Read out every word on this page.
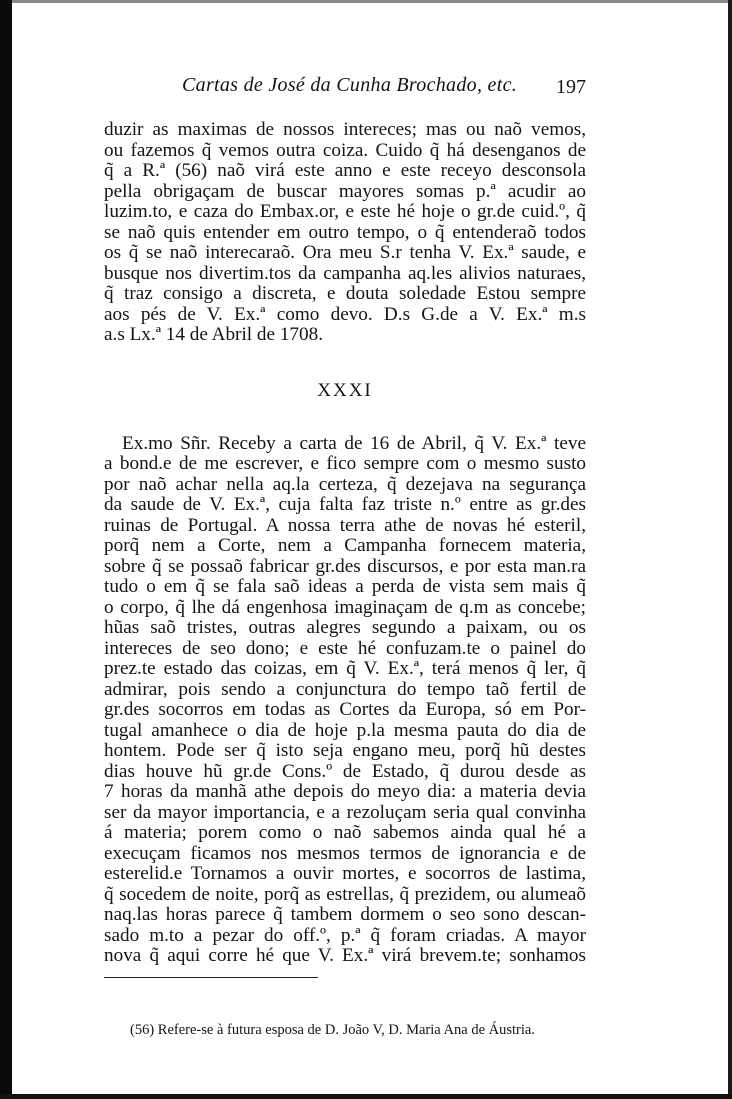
Cartas de José da Cunha Brochado, etc. 197
duzir as maximas de nossos intereces; mas ou naõ vemos,
ou fazemos q̃ vemos outra coiza. Cuido q̃ há desenganos de
q̃ a R.ª (56) naõ virá este anno e este receyo desconsola
pella obrigaçam de buscar mayores somas p.ª acudir ao
luzim.to, e caza do Embax.or, e este hé hoje o gr.de cuid.º, q̃
se naõ quis entender em outro tempo, o q̃ entenderaõ todos
os q̃ se naõ interecaraõ. Ora meu S.r tenha V. Ex.ª saude, e
busque nos divertim.tos da campanha aq.les alivios naturaes,
q̃ traz consigo a discreta, e douta soledade Estou sempre
aos pés de V. Ex.ª como devo. D.s G.de a V. Ex.ª m.s
a.s Lx.ª 14 de Abril de 1708.
XXXI
Ex.mo Sñr. Receby a carta de 16 de Abril, q̃ V. Ex.ª teve
a bond.e de me escrever, e fico sempre com o mesmo susto
por naõ achar nella aq.la certeza, q̃ dezejava na segurança
da saude de V. Ex.ª, cuja falta faz triste n.º entre as gr.des
ruinas de Portugal. A nossa terra athe de novas hé esteril,
porq̃ nem a Corte, nem a Campanha fornecem materia,
sobre q̃ se possaõ fabricar gr.des discursos, e por esta man.ra
tudo o em q̃ se fala saõ ideas a perda de vista sem mais q̃
o corpo, q̃ lhe dá engenhosa imaginaçam de q.m as concebe;
hũas saõ tristes, outras alegres segundo a paixam, ou os
intereces de seo dono; e este hé confuzam.te o painel do
prez.te estado das coizas, em q̃ V. Ex.ª, terá menos q̃ ler, q̃
admirar, pois sendo a conjunctura do tempo taõ fertil de
gr.des socorros em todas as Cortes da Europa, só em Por-
tugal amanhece o dia de hoje p.la mesma pauta do dia de
hontem. Pode ser q̃ isto seja engano meu, porq̃ hũ destes
dias houve hũ gr.de Cons.º de Estado, q̃ durou desde as
7 horas da manhã athe depois do meyo dia: a materia devia
ser da mayor importancia, e a rezoluçam seria qual convinha
á materia; porem como o naõ sabemos ainda qual hé a
execuçam ficamos nos mesmos termos de ignorancia e de
esterelid.e Tornamos a ouvir mortes, e socorros de lastima,
q̃ socedem de noite, porq̃ as estrellas, q̃ prezidem, ou alumeaõ
naq.las horas parece q̃ tambem dormem o seo sono descan-
sado m.to a pezar do off.º, p.ª q̃ foram criadas. A mayor
nova q̃ aqui corre hé que V. Ex.ª virá brevem.te; sonhamos
(56) Refere-se à futura esposa de D. João V, D. Maria Ana de Áustria.
